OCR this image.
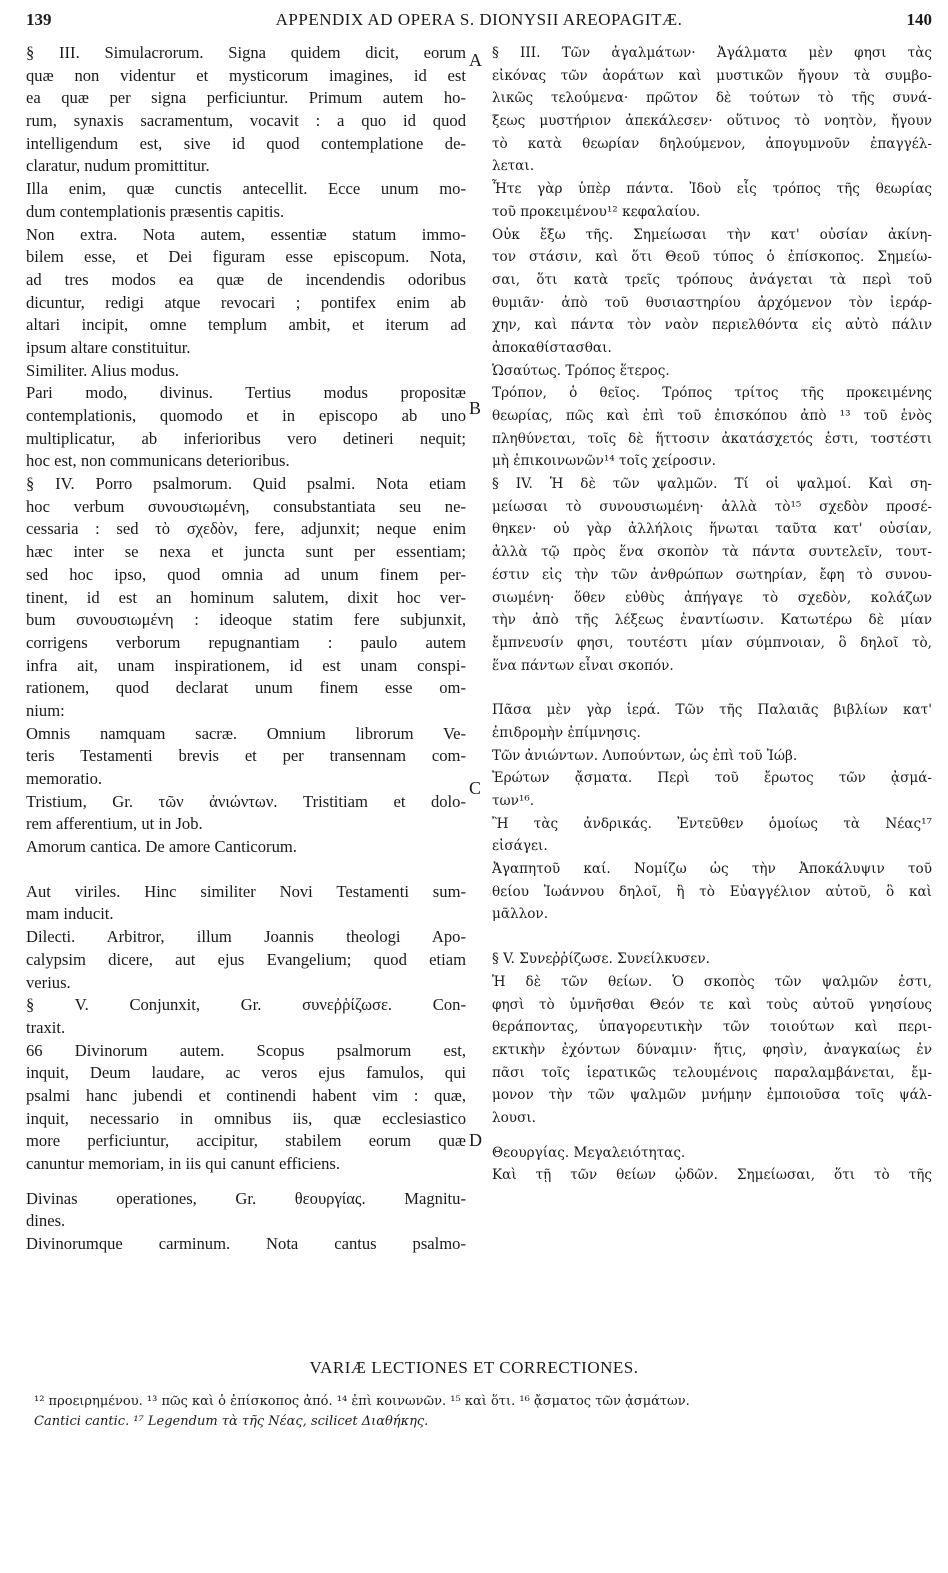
139	APPENDIX AD OPERA S. DIONYSII AREOPAGITÆ.	140
§ III. Simulacrorum. Signa quidem dicit, eorum
quæ non videntur et mysticorum imagines, id est
ea quæ per signa perficiuntur. Primum autem ho-
rum, synaxis sacramentum, vocavit : a quo id quod
intelligendum est, sive id quod contemplatione de-
claratur, nudum promittitur.
Illa enim, quæ cunctis antecellit. Ecce unum mo-
dum contemplationis præsentis capitis.
Non extra. Nota autem, essentiæ statum immo-
bilem esse, et Dei figuram esse episcopum. Nota,
ad tres modos ea quæ de incendendis odoribus
dicuntur, redigi atque revocari ; pontifex enim ab
altari incipit, omne templum ambit, et iterum ad
ipsum altare constituitur.
Similiter. Alius modus.
Pari modo, divinus. Tertius modus propositæ
contemplationis, quomodo et in episcopo ab uno
multiplicatur, ab inferioribus vero detineri nequit;
hoc est, non communicans deterioribus.
§ IV. Porro psalmorum. Quid psalmi. Nota etiam
hoc verbum συνουσιωμένη, consubstantiata seu ne-
cessaria : sed τὸ σχεδὸν, fere, adjunxit; neque enim
hæc inter se nexa et juncta sunt per essentiam;
sed hoc ipso, quod omnia ad unum finem per-
tinent, id est an hominum salutem, dixit hoc ver-
bum συνουσιωμένη : ideoque statim fere subjunxit,
corrigens verborum repugnantiam : paulo autem
infra ait, unam inspirationem, id est unam conspi-
rationem, quod declarat unum finem esse om-
nium:
Omnis namquam sacræ. Omnium librorum Ve-
teris Testamenti brevis et per transennam com-
memoratio.
Tristium, Gr. τῶν ἀνιώντων. Tristitiam et dolo-
rem afferentium, ut in Job.
Amorum cantica. De amore Canticorum.
Aut viriles. Hinc similiter Novi Testamenti sum-
mam inducit.
Dilecti. Arbitror, illum Joannis theologi Apo-
calypsim dicere, aut ejus Evangelium; quod etiam
verius.
§ V. Conjunxit, Gr. συνεῤῥίζωσε. Con-
traxit.
66 Divinorum autem. Scopus psalmorum est,
inquit, Deum laudare, ac veros ejus famulos, qui
psalmi hanc jubendi et continendi habent vim : quæ,
inquit, necessario in omnibus iis, quæ ecclesiastico
more perficiuntur, accipitur, stabilem eorum quæ
canuntur memoriam, in iis qui canunt efficiens.
Divinas operationes, Gr. θεουργίας. Magnitu-
dines.
Divinorumque carminum. Nota cantus psalmo-
§ III. Τῶν ἀγαλμάτων· Ἀγάλματα μὲν φησι τὰς
εἰκόνας τῶν ἀοράτων καὶ μυστικῶν ἤγουν τὰ συμβο-
λικῶς τελούμενα· πρῶτον δὲ τούτων τὸ τῆς συνά-
ξεως μυστήριον ἀπεκάλεσεν· οὕτινος τὸ νοητὸν, ἤγουν
τὸ κατὰ θεωρίαν δηλούμενον, ἀπογυμνοῦν ἐπαγγέλ-
λεται.
Ἧτε γὰρ ὑπὲρ πάντα. Ἰδοὺ εἷς τρόπος τῆς θεωρίας
τοῦ προκειμένου¹² κεφαλαίου.
Οὐκ ἔξω τῆς. Σημείωσαι τὴν κατ' οὐσίαν ἀκίνη-
τον στάσιν, καὶ ὅτι Θεοῦ τύπος ὁ ἐπίσκοπος. Σημείω-
σαι, ὅτι κατὰ τρεῖς τρόπους ἀνάγεται τὰ περὶ τοῦ
θυμιᾶν· ἀπὸ τοῦ θυσιαστηρίου ἀρχόμενον τὸν ἱεράρ-
χην, καὶ πάντα τὸν ναὸν περιελθόντα εἰς αὐτὸ πάλιν
ἀποκαθίστασθαι.
Ὡσαύτως. Τρόπος ἕτερος.
Τρόπον, ὁ θεῖος. Τρόπος τρίτος τῆς προκειμένης
θεωρίας, πῶς καὶ ἐπὶ τοῦ ἐπισκόπου ἀπὸ ¹³ τοῦ ἑνὸς
πληθύνεται, τοῖς δὲ ἥττοσιν ἀκατάσχετός ἐστι, τοστέστι
μὴ ἐπικοινωνῶν¹⁴ τοῖς χείροσιν.
§ IV. Ἡ δὲ τῶν ψαλμῶν. Τί οἱ ψαλμοί. Καὶ ση-
μείωσαι τὸ συνουσιωμένη· ἀλλὰ τὸ¹⁵ σχεδὸν προσέ-
θηκεν· οὐ γὰρ ἀλλήλοις ἥνωται ταῦτα κατ' οὐσίαν,
ἀλλὰ τῷ πρὸς ἕνα σκοπὸν τὰ πάντα συντελεῖν, τουτ-
έστιν εἰς τὴν τῶν ἀνθρώπων σωτηρίαν, ἔφη τὸ συνου-
σιωμένη· ὅθεν εὐθὺς ἀπήγαγε τὸ σχεδὸν, κολάζων
τὴν ἀπὸ τῆς λέξεως ἐναντίωσιν. Κατωτέρω δὲ μίαν
ἔμπνευσίν φησι, τουτέστι μίαν σύμπνοιαν, ὃ δηλοῖ τὸ,
ἕνα πάντων εἶναι σκοπόν.
Πᾶσα μὲν γὰρ ἱερά. Τῶν τῆς Παλαιᾶς βιβλίων κατ'
ἐπιδρομὴν ἐπίμνησις.
Τῶν ἀνιώντων. Λυπούντων, ὡς ἐπὶ τοῦ Ἰώβ.
Ἐρώτων ᾄσματα. Περὶ τοῦ ἔρωτος τῶν ᾀσμά-
των¹⁶.
Ἢ τὰς ἀνδρικάς. Ἐντεῦθεν ὁμοίως τὰ Νέας¹⁷
εἰσάγει.
Ἀγαπητοῦ καί. Νομίζω ὡς τὴν Ἀποκάλυψιν τοῦ
θείου Ἰωάννου δηλοῖ, ἢ τὸ Εὐαγγέλιον αὐτοῦ, ὃ καὶ
μᾶλλον.
§ V. Συνεῤῥίζωσε. Συνείλκυσεν.
Ἡ δὲ τῶν θείων. Ὁ σκοπὸς τῶν ψαλμῶν ἐστι,
φησὶ τὸ ὑμνῆσθαι Θεόν τε καὶ τοὺς αὐτοῦ γνησίους
θεράποντας, ὑπαγορευτικὴν τῶν τοιούτων καὶ περι-
εκτικὴν ἐχόντων δύναμιν· ἥτις, φησὶν, ἀναγκαίως ἐν
πᾶσι τοῖς ἱερατικῶς τελουμένοις παραλαμβάνεται, ἔμ-
μονον τὴν τῶν ψαλμῶν μνήμην ἐμποιοῦσα τοῖς ψάλ-
λουσι.
Θεουργίας. Μεγαλειότητας.
Καὶ τῇ τῶν θείων ᾠδῶν. Σημείωσαι, ὅτι τὸ τῆς
A
B
C
D
VARIÆ LECTIONES ET CORRECTIONES.
¹² προειρημένου. ¹³ πῶς καὶ ὁ ἐπίσκοπος ἀπό. ¹⁴ ἐπὶ κοινωνῶν. ¹⁵ καὶ ὅτι. ¹⁶ ᾄσματος τῶν ᾀσμάτων.
Cantici cantic. ¹⁷ Legendum τὰ τῆς Νέας, scilicet Διαθήκης.
